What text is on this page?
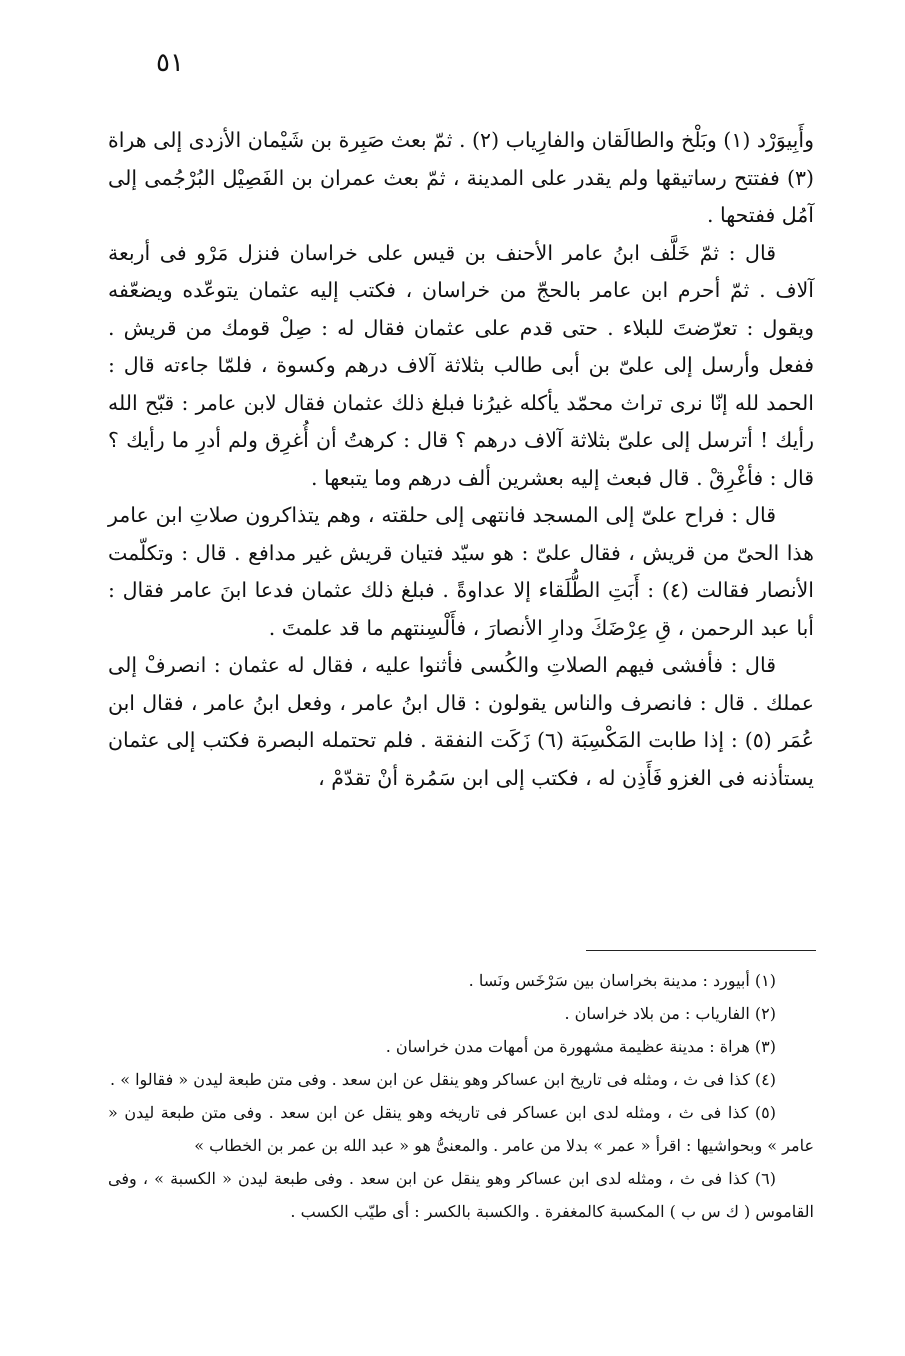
٥١

وأَبِيوَرْد (١) وبَلْخ والطالَقان والفارِياب (٢) . ثمّ بعث صَبِرة بن شَيْمان الأزدى إلى هراة (٣) ففتتح رساتيقها ولم يقدر على المدينة ، ثمّ بعث عمران بن الفَصِيْل البُرْجُمى إلى آمُل ففتحها .

قال : ثمّ خَلَّف ابنُ عامر الأحنف بن قيس على خراسان فنزل مَرْو فى أربعة آلاف . ثمّ أحرم ابن عامر بالحجّ من خراسان ، فكتب إليه عثمان يتوعّده ويضعّفه ويقول : تعرّضتَ للبلاء . حتى قدم على عثمان فقال له : صِلْ قومك من قريش . ففعل وأرسل إلى علىّ بن أبى طالب بثلاثة آلاف درهم وكسوة ، فلمّا جاءته قال : الحمد لله إنّا نرى تراث محمّد يأكله غيرُنا فبلغ ذلك عثمان فقال لابن عامر : قبّح الله رأيك ! أترسل إلى علىّ بثلاثة آلاف درهم ؟ قال : كرهتُ أن أُغرِق ولم أدرِ ما رأيك ؟ قال : فأغْرِقْ . قال فبعث إليه بعشرين ألف درهم وما يتبعها .

قال : فراح علىّ إلى المسجد فانتهى إلى حلقته ، وهم يتذاكرون صلاتِ ابن عامر هذا الحىّ من قريش ، فقال علىّ : هو سيّد فتيان قريش غير مدافع . قال : وتكلّمت الأنصار فقالت (٤) : أَبَتِ الطُّلَقاء إلا عداوةً . فبلغ ذلك عثمان فدعا ابنَ عامر فقال : أبا عبد الرحمن ، قِ عِرْضَكَ ودارِ الأنصارَ ، فأَلْسِنتهم ما قد علمتَ .

قال : فأفشى فيهم الصلاتِ والكُسى فأثنوا عليه ، فقال له عثمان : انصرفْ إلى عملك . قال : فانصرف والناس يقولون : قال ابنُ عامر ، وفعل ابنُ عامر ، فقال ابن عُمَر (٥) : إذا طابت المَكْسِبَة (٦) زَكَت النفقة . فلم تحتمله البصرة فكتب إلى عثمان يستأذنه فى الغزو فَأَذِن له ، فكتب إلى ابن سَمُرة أنْ تقدّمْ ،

(١) أبيورد : مدينة بخراسان بين سَرْخَس ونَسا .

(٢) الفارياب : من بلاد خراسان .

(٣) هراة : مدينة عظيمة مشهورة من أمهات مدن خراسان .

(٤) كذا فى ث ، ومثله فى تاريخ ابن عساكر وهو ينقل عن ابن سعد . وفى متن طبعة ليدن « فقالوا » .

(٥) كذا فى ث ، ومثله لدى ابن عساكر فى تاريخه وهو ينقل عن ابن سعد . وفى متن طبعة ليدن « عامر » وبحواشيها : اقرأ « عمر » بدلا من عامر . والمعنىُّ هو « عبد الله بن عمر بن الخطاب »

(٦) كذا فى ث ، ومثله لدى ابن عساكر وهو ينقل عن ابن سعد . وفى طبعة ليدن « الكسبة » ، وفى القاموس ( ك س ب ) المكسبة كالمغفرة . والكسبة بالكسر : أى طيّب الكسب .
